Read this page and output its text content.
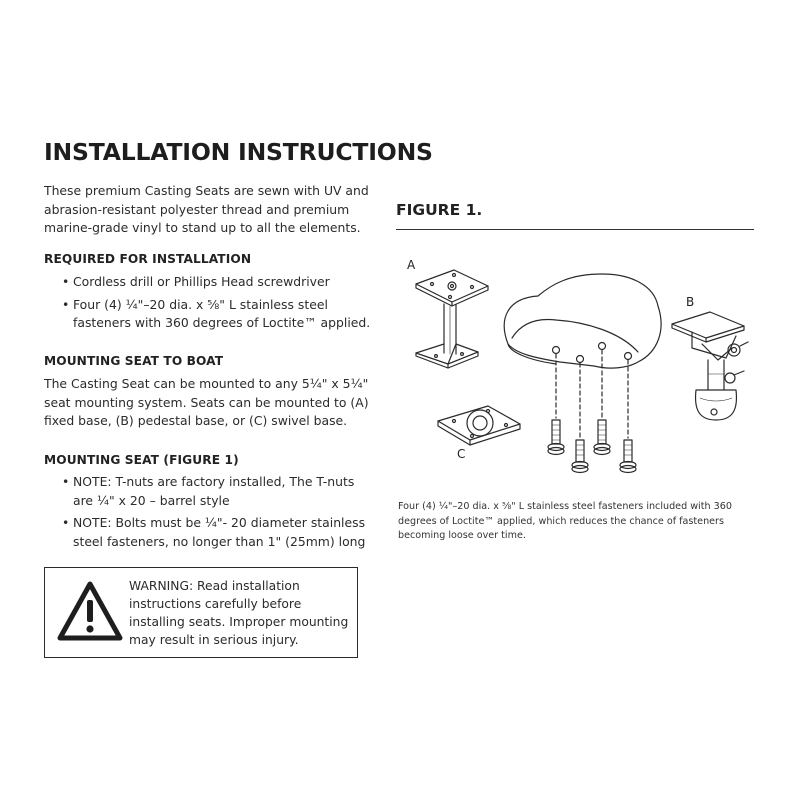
INSTALLATION INSTRUCTIONS

These premium Casting Seats are sewn with UV and abrasion-resistant polyester thread and premium marine-grade vinyl to stand up to all the elements.

REQUIRED FOR INSTALLATION
• Cordless drill or Phillips Head screwdriver
• Four (4) ¼"–20 dia. x ⅝" L stainless steel fasteners with 360 degrees of Loctite™ applied.
MOUNTING SEAT TO BOAT

The Casting Seat can be mounted to any 5¼" x 5¼" seat mounting system. Seats can be mounted to (A) fixed base, (B) pedestal base, or (C) swivel base.

MOUNTING SEAT (FIGURE 1)
• NOTE: T-nuts are factory installed, The T-nuts are ¼" x 20 – barrel style
• NOTE: Bolts must be ¼"- 20 diameter stainless steel fasteners, no longer than 1" (25mm) long

WARNING: Read installation instructions carefully before installing seats. Improper mounting may result in serious injury.

FIGURE 1.
A
B
C

Four (4) ¼"–20 dia. x ⅝" L stainless steel fasteners included with 360 degrees of Loctite™ applied, which reduces the chance of fasteners becoming loose over time.
